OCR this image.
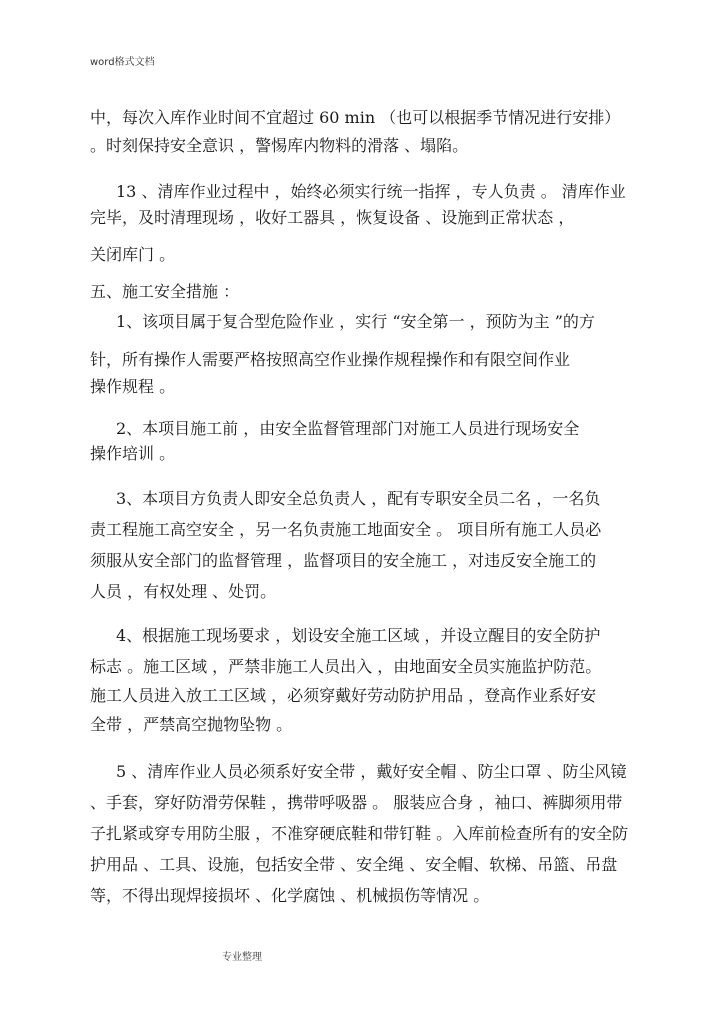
word格式文档
中，每次入库作业时间不宜超过 60 min （也可以根据季节情况进行安排）
。时刻保持安全意识 ，警惕库内物料的滑落 、塌陷。
13 、清库作业过程中 ，始终必须实行统一指挥 ，专人负责 。 清库作业
完毕，及时清理现场 ，收好工器具 ，恢复设备 、设施到正常状态 ，
关闭库门 。
五、施工安全措施 ：
1、该项目属于复合型危险作业 ，实行 “安全第一 ，预防为主 ”的方
针，所有操作人需要严格按照高空作业操作规程操作和有限空间作业
操作规程 。
2、本项目施工前 ，由安全监督管理部门对施工人员进行现场安全
操作培训 。
3、本项目方负责人即安全总负责人 ，配有专职安全员二名 ，一名负
责工程施工高空安全 ，另一名负责施工地面安全 。 项目所有施工人员必
须服从安全部门的监督管理 ，监督项目的安全施工 ，对违反安全施工的
人员 ，有权处理 、处罚。
4、根据施工现场要求 ，划设安全施工区域 ，并设立醒目的安全防护
标志 。施工区域 ，严禁非施工人员出入 ，由地面安全员实施监护防范。
施工人员进入放工工区域 ，必须穿戴好劳动防护用品 ，登高作业系好安
全带 ，严禁高空抛物坠物 。
5 、清库作业人员必须系好安全带 ，戴好安全帽 、防尘口罩 、防尘风镜
、手套，穿好防滑劳保鞋 ，携带呼吸器 。 服装应合身 ，袖口、裤脚须用带
子扎紧或穿专用防尘服 ，不准穿硬底鞋和带钉鞋 。入库前检查所有的安全防
护用品 、工具、设施，包括安全带 、安全绳 、安全帽、软梯、吊篮、吊盘
等，不得出现焊接损坏 、化学腐蚀 、机械损伤等情况 。
专业整理
